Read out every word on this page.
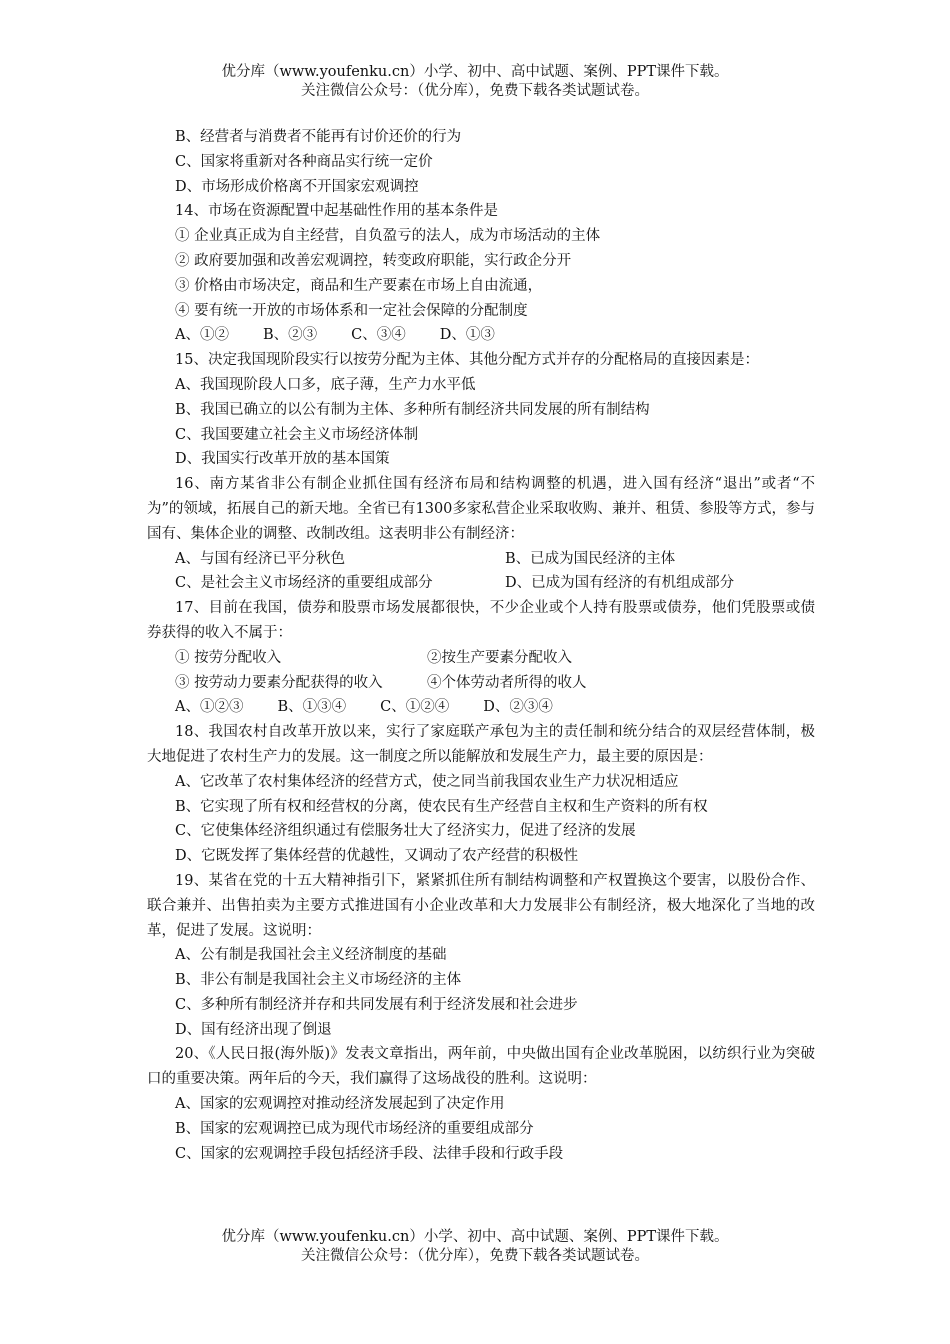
优分库（www.youfenku.cn）小学、初中、高中试题、案例、PPT课件下载。
关注微信公众号：（优分库），免费下载各类试题试卷。
B、经营者与消费者不能再有讨价还价的行为
C、国家将重新对各种商品实行统一定价
D、市场形成价格离不开国家宏观调控
14、市场在资源配置中起基础性作用的基本条件是
① 企业真正成为自主经营，自负盈亏的法人，成为市场活动的主体
② 政府要加强和改善宏观调控，转变政府职能，实行政企分开
③ 价格由市场决定，商品和生产要素在市场上自由流通，
④ 要有统一开放的市场体系和一定社会保障的分配制度
A、①② B、②③ C、③④ D、①③
15、决定我国现阶段实行以按劳分配为主体、其他分配方式并存的分配格局的直接因素是：
A、我国现阶段人口多，底子薄，生产力水平低
B、我国已确立的以公有制为主体、多种所有制经济共同发展的所有制结构
C、我国要建立社会主义市场经济体制
D、我国实行改革开放的基本国策
16、南方某省非公有制企业抓住国有经济布局和结构调整的机遇，进入国有经济“退出”或者“不为”的领域，拓展自己的新天地。全省已有1300多家私营企业采取收购、兼并、租赁、参股等方式，参与国有、集体企业的调整、改制改组。这表明非公有制经济：
A、与国有经济已平分秋色	B、已成为国民经济的主体
C、是社会主义市场经济的重要组成部分	D、已成为国有经济的有机组成部分
17、目前在我国，债券和股票市场发展都很快，不少企业或个人持有股票或债券，他们凭股票或债券获得的收入不属于：
① 按劳分配收入	②按生产要素分配收入
③ 按劳动力要素分配获得的收入	④个体劳动者所得的收人
A、①②③ B、①③④ C、①②④ D、②③④
18、我国农村自改革开放以来，实行了家庭联产承包为主的责任制和统分结合的双层经营体制，极大地促进了农村生产力的发展。这一制度之所以能解放和发展生产力，最主要的原因是：
A、它改革了农村集体经济的经营方式，使之同当前我国农业生产力状况相适应
B、它实现了所有权和经营权的分离，使农民有生产经营自主权和生产资料的所有权
C、它使集体经济组织通过有偿服务壮大了经济实力，促进了经济的发展
D、它既发挥了集体经营的优越性，又调动了农产经营的积极性
19、某省在党的十五大精神指引下，紧紧抓住所有制结构调整和产权置换这个要害，以股份合作、联合兼并、出售拍卖为主要方式推进国有小企业改革和大力发展非公有制经济，极大地深化了当地的改革，促进了发展。这说明：
A、公有制是我国社会主义经济制度的基础
B、非公有制是我国社会主义市场经济的主体
C、多种所有制经济并存和共同发展有利于经济发展和社会进步
D、国有经济出现了倒退
20、《人民日报(海外版)》发表文章指出，两年前，中央做出国有企业改革脱困，以纺织行业为突破口的重要决策。两年后的今天，我们赢得了这场战役的胜利。这说明：
A、国家的宏观调控对推动经济发展起到了决定作用
B、国家的宏观调控已成为现代市场经济的重要组成部分
C、国家的宏观调控手段包括经济手段、法律手段和行政手段
优分库（www.youfenku.cn）小学、初中、高中试题、案例、PPT课件下载。
关注微信公众号：（优分库），免费下载各类试题试卷。
